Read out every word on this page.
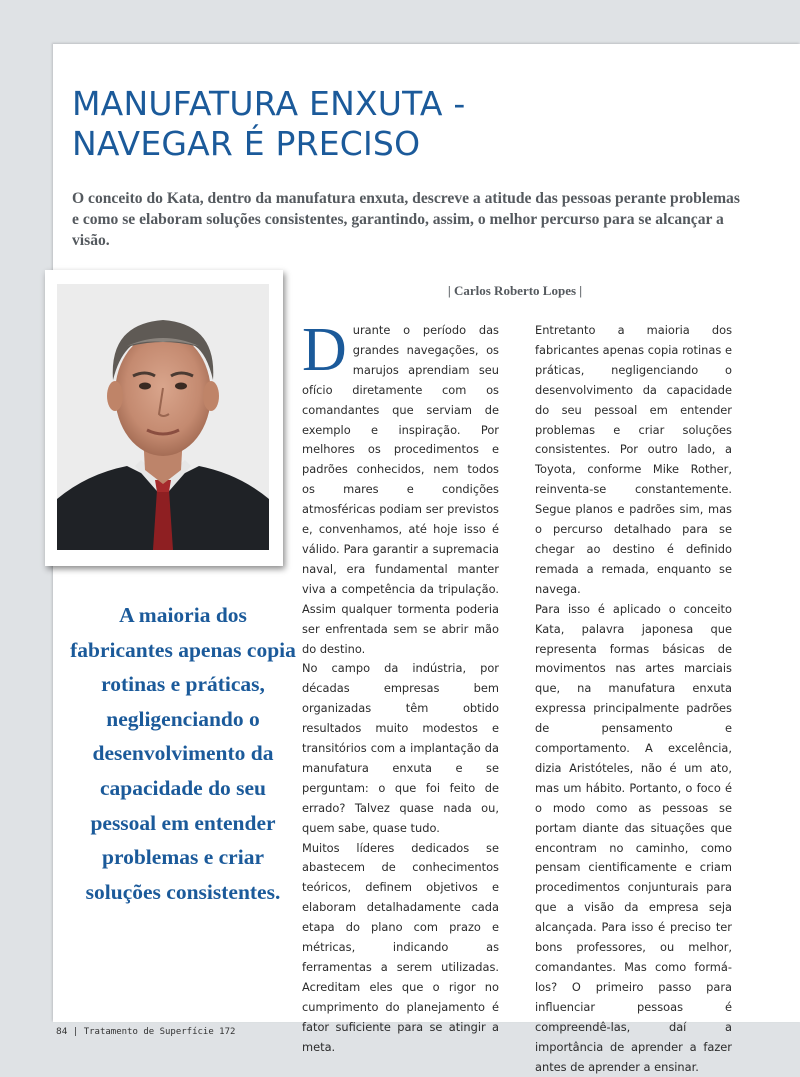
MANUFATURA ENXUTA -
NAVEGAR É PRECISO

O conceito do Kata, dentro da manufatura enxuta, descreve a atitude das pessoas perante problemas e como se elaboram soluções consistentes, garantindo, assim, o melhor percurso para se alcançar a visão.

| Carlos Roberto Lopes |

Durante o período das grandes navegações, os marujos aprendiam seu ofício diretamente com os comandantes que serviam de exemplo e inspiração. Por melhores os procedimentos e padrões conhecidos, nem todos os mares e condições atmosféricas podiam ser previstos e, convenhamos, até hoje isso é válido. Para garantir a supremacia naval, era fundamental manter viva a competência da tripulação. Assim qualquer tormenta poderia ser enfrentada sem se abrir mão do destino.

No campo da indústria, por décadas empresas bem organizadas têm obtido resultados muito modestos e transitórios com a implantação da manufatura enxuta e se perguntam: o que foi feito de errado? Talvez quase nada ou, quem sabe, quase tudo.

Muitos líderes dedicados se abastecem de conhecimentos teóricos, definem objetivos e elaboram detalhadamente cada etapa do plano com prazo e métricas, indicando as ferramentas a serem utilizadas. Acreditam eles que o rigor no cumprimento do planejamento é fator suficiente para se atingir a meta.

Entretanto a maioria dos fabricantes apenas copia rotinas e práticas, negligenciando o desenvolvimento da capacidade do seu pessoal em entender problemas e criar soluções consistentes. Por outro lado, a Toyota, conforme Mike Rother, reinventa-se constantemente. Segue planos e padrões sim, mas o percurso detalhado para se chegar ao destino é definido remada a remada, enquanto se navega.

Para isso é aplicado o conceito Kata, palavra japonesa que representa formas básicas de movimentos nas artes marciais que, na manufatura enxuta expressa principalmente padrões de pensamento e comportamento. A excelência, dizia Aristóteles, não é um ato, mas um hábito. Portanto, o foco é o modo como as pessoas se portam diante das situações que encontram no caminho, como pensam cientificamente e criam procedimentos conjunturais para que a visão da empresa seja alcançada. Para isso é preciso ter bons professores, ou melhor, comandantes. Mas como formá-los? O primeiro passo para influenciar pessoas é compreendê-las, daí a importância de aprender a fazer antes de aprender a ensinar.

A maioria dos fabricantes apenas copia rotinas e práticas, negligenciando o desenvolvimento da capacidade do seu pessoal em entender problemas e criar soluções consistentes.

84 | Tratamento de Superfície 172
